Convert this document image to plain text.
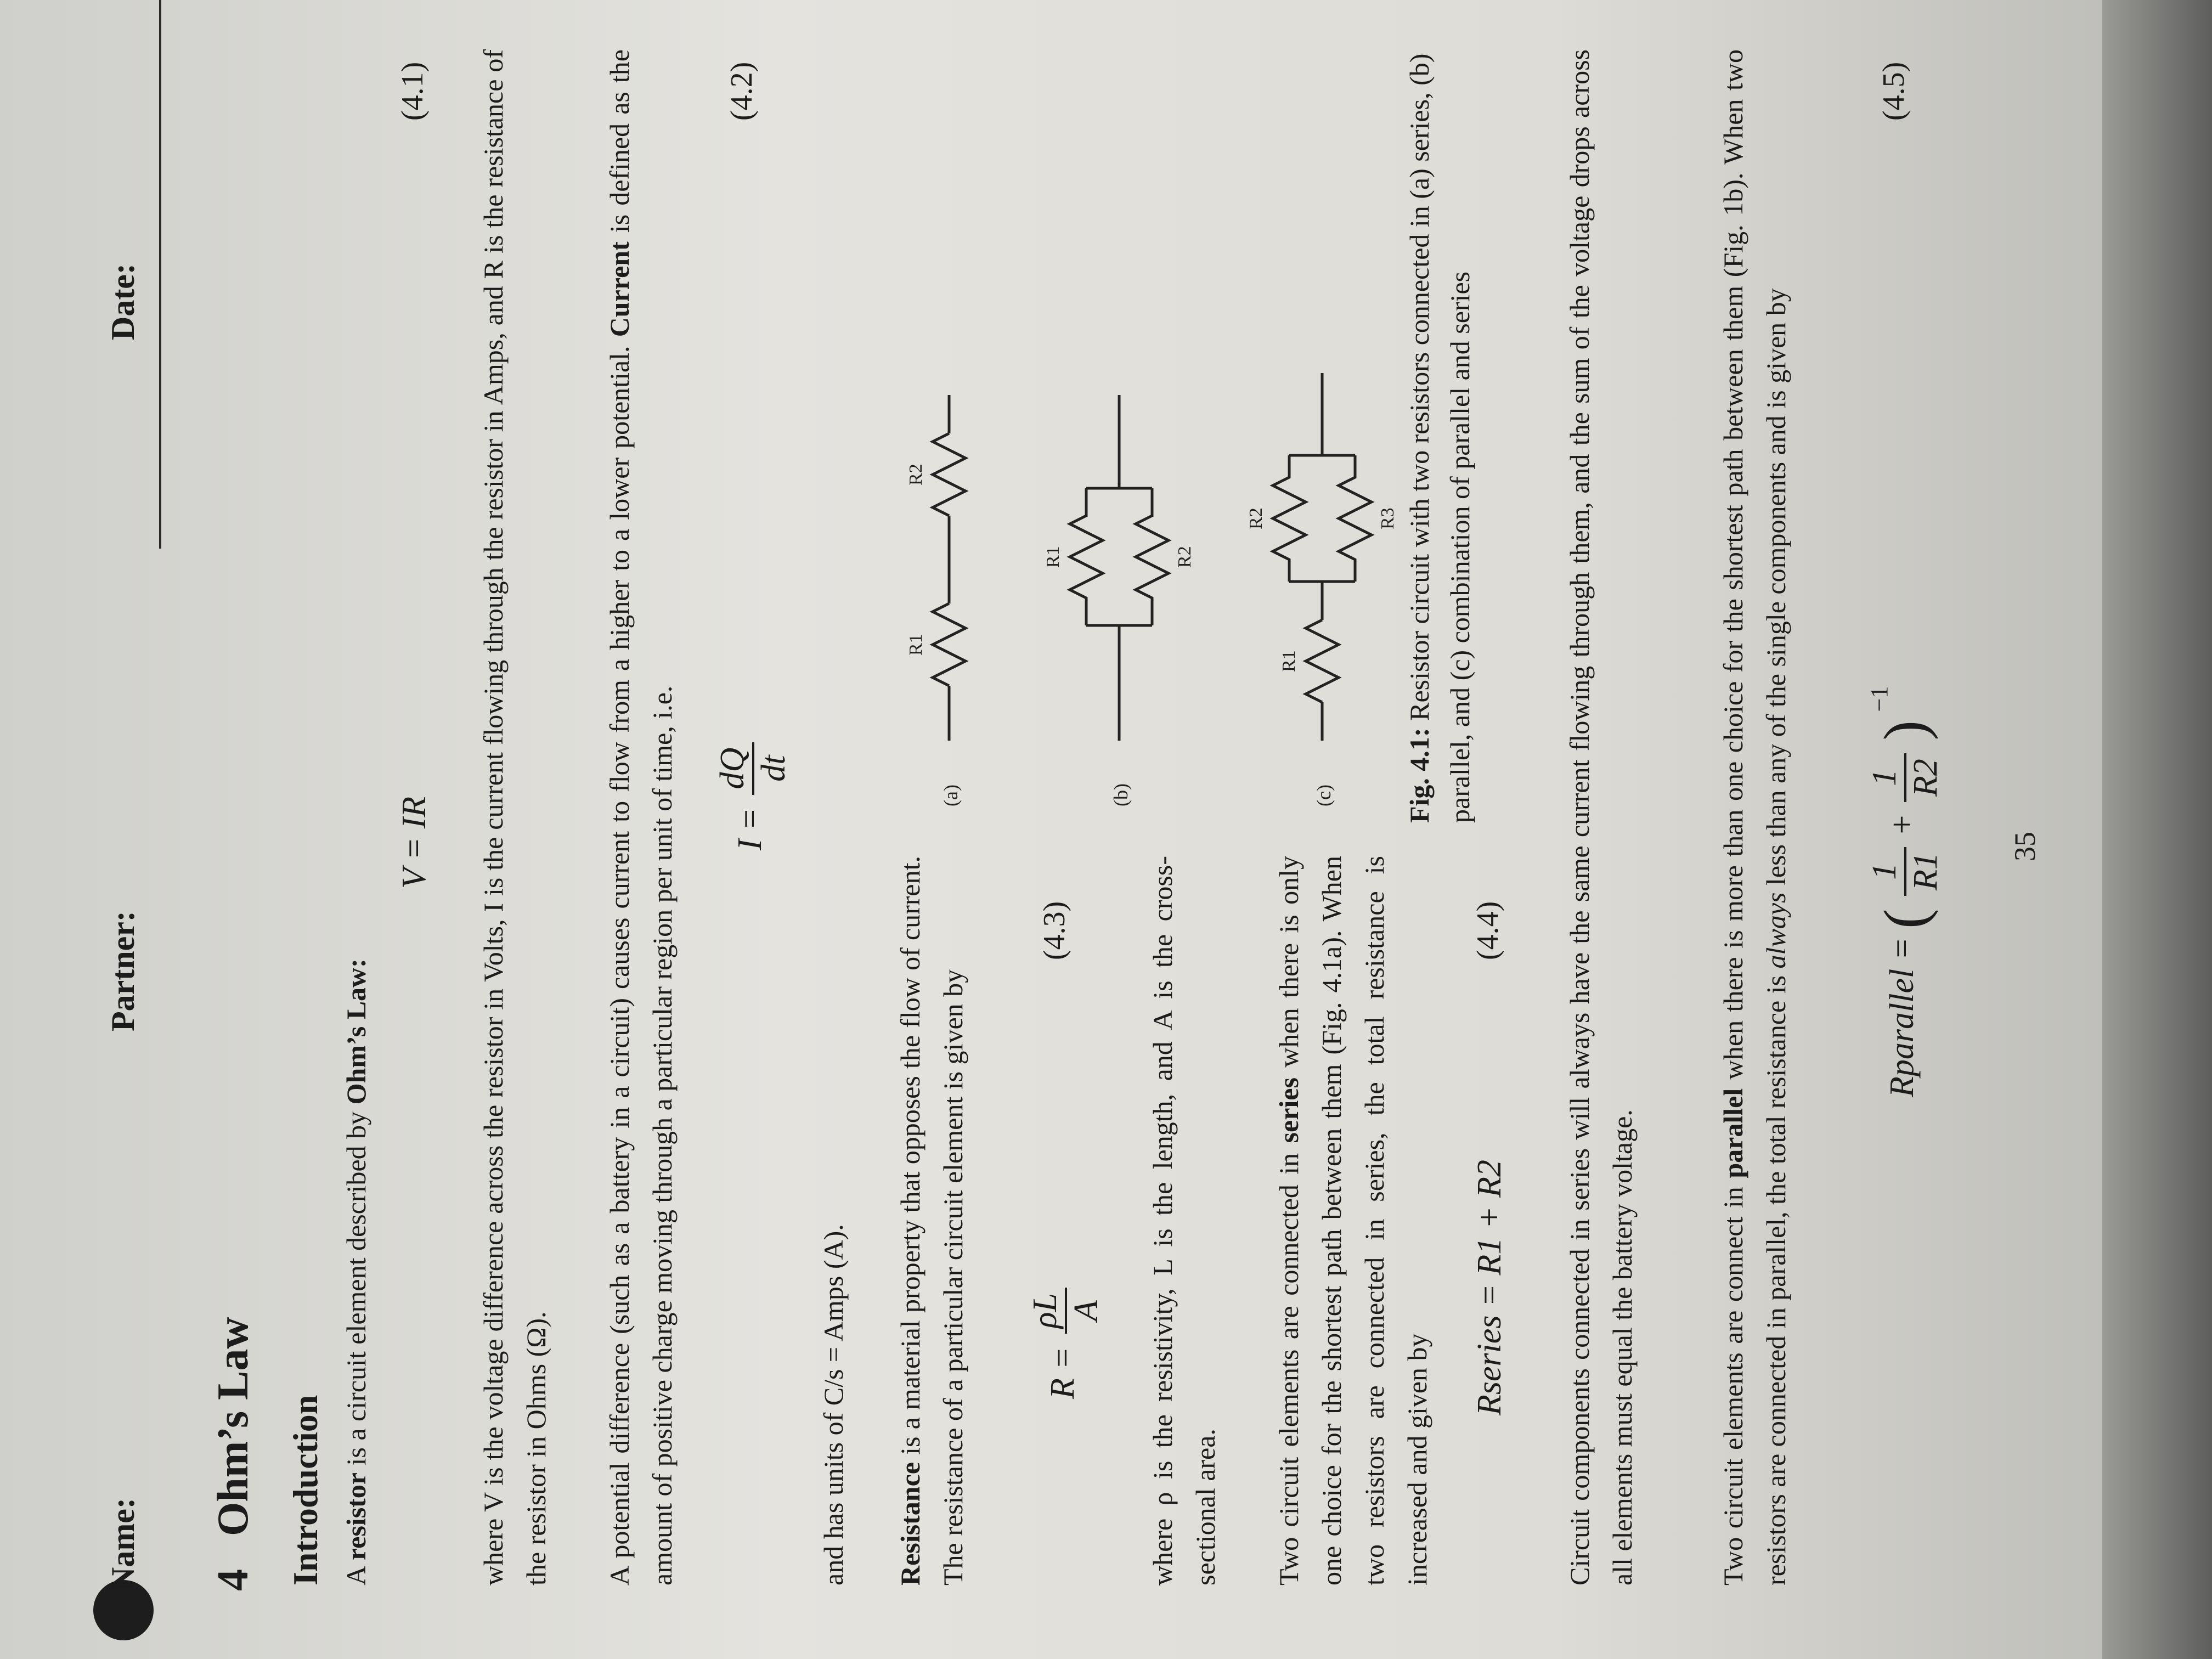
Name:
Partner:
Date:
4Ohm’s Law Introduction A resistor is a circuit element described by Ohm’s Law:
V = IR
(4.1) where V is the voltage difference across the resistor in Volts, I is the current flowing through the resistor in Amps, and R is the resistance of the resistor in Ohms (Ω). A potential difference (such as a battery in a circuit) causes current to flow from a higher to a lower potential. Current is defined as the amount of positive charge moving through a particular region per unit of time, i.e.	I =
dQ dt
(4.2)
and has units of C/s = Amps (A). Resistance is a material property that opposes the flow of current. The resistance of a particular circuit element is given by	R =
ρL A
(4.3)	where ρ is the resistivity, L is the length, and A is the cross-sectional area. Two circuit elements are connected in series when there is only one choice for the shortest path between them (Fig. 4.1a). When two resistors are connected in series, the total resistance is increased and given by
Rseries = R1 + R2
(4.4)
(a)	(b)	(c)
R1
R2
R1	R2
R1
R2	R3
Fig. 4.1: Resistor circuit with two resistors connected in (a) series, (b) parallel, and (c) combination of parallel and series	Circuit components connected in series will always have the same current flowing through them, and the sum of the voltage drops across all elements must equal the battery voltage.	Two circuit elements are connect in parallel when there is more than one choice for the shortest path between them (Fig. 1b). When two resistors are connected in parallel, the total resistance is always less than any of the single components and is given by
Rparallel = (
1 R1
+
1 R2
) $^{-1}$
(4.5)
35
